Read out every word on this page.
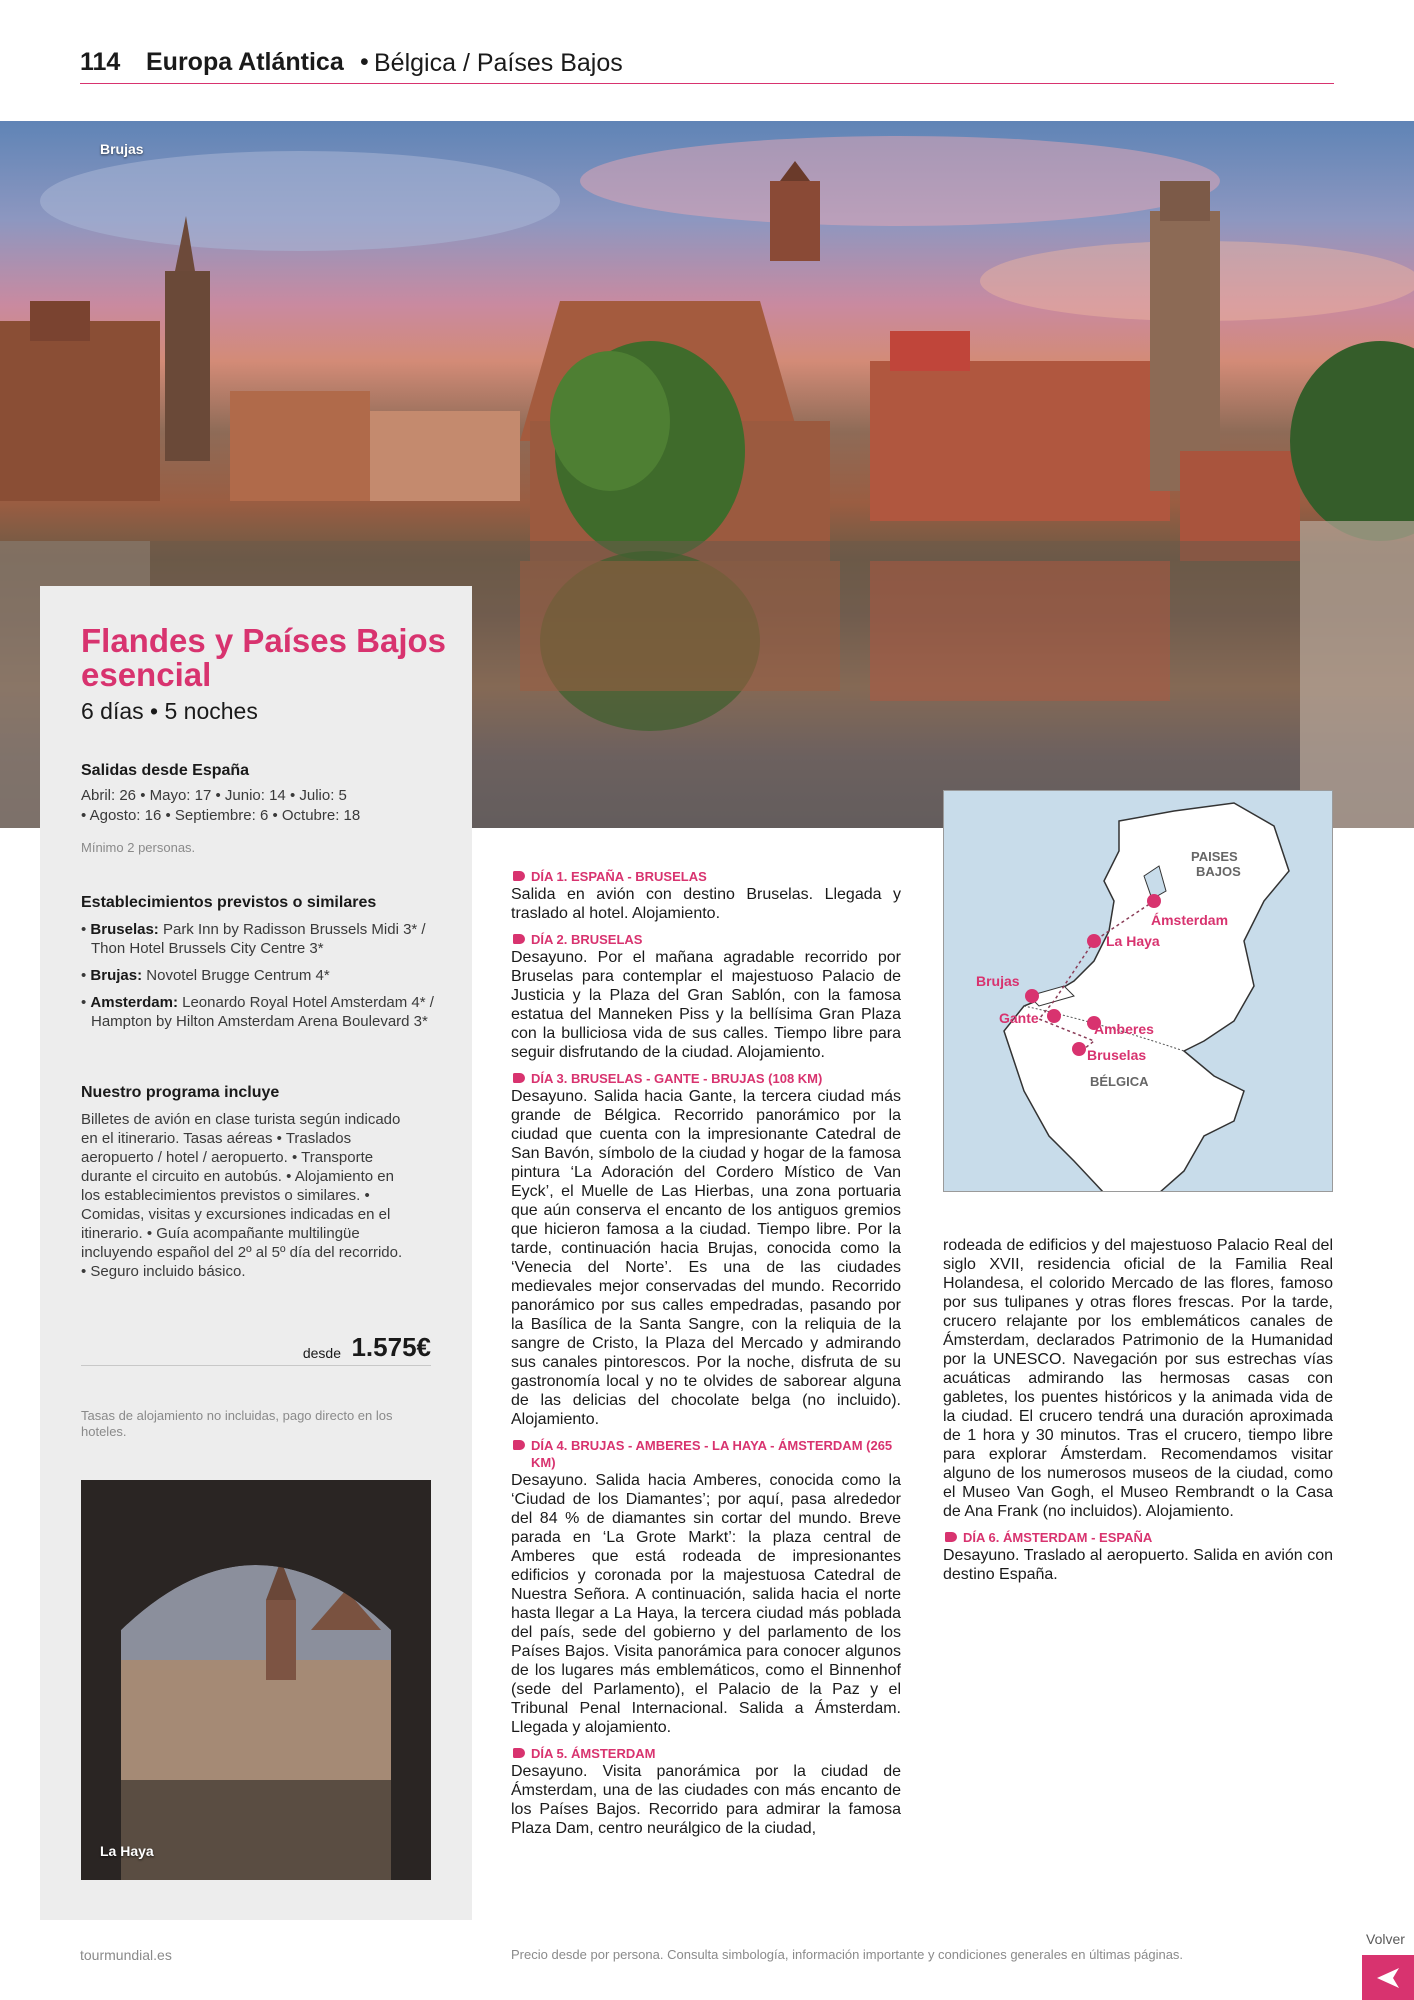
114 Europa Atlántica • Bélgica / Países Bajos
Brujas
Flandes y Países Bajos esencial
6 días • 5 noches
Salidas desde España
Abril: 26 • Mayo: 17 • Junio: 14 • Julio: 5
• Agosto: 16 • Septiembre: 6 • Octubre: 18
Mínimo 2 personas.
Establecimientos previstos o similares
• Bruselas: Park Inn by Radisson Brussels Midi 3* / Thon Hotel Brussels City Centre 3*
• Brujas: Novotel Brugge Centrum 4*
• Amsterdam: Leonardo Royal Hotel Amsterdam 4* / Hampton by Hilton Amsterdam Arena Boulevard 3*
Nuestro programa incluye
Billetes de avión en clase turista según indicado en el itinerario. Tasas aéreas • Traslados aeropuerto / hotel / aeropuerto. • Transporte durante el circuito en autobús. • Alojamiento en los establecimientos previstos o similares. • Comidas, visitas y excursiones indicadas en el itinerario. • Guía acompañante multilingüe incluyendo español del 2º al 5º día del recorrido. • Seguro incluido básico.
desde 1.575€
Tasas de alojamiento no incluidas, pago directo en los hoteles.
La Haya
DÍA 1. ESPAÑA - BRUSELAS
Salida en avión con destino Bruselas. Llegada y traslado al hotel. Alojamiento.
DÍA 2. BRUSELAS
Desayuno. Por el mañana agradable recorrido por Bruselas para contemplar el majestuoso Palacio de Justicia y la Plaza del Gran Sablón, con la famosa estatua del Manneken Piss y la bellísima Gran Plaza con la bulliciosa vida de sus calles. Tiempo libre para seguir disfrutando de la ciudad. Alojamiento.
DÍA 3. BRUSELAS - GANTE - BRUJAS (108 KM)
Desayuno. Salida hacia Gante, la tercera ciudad más grande de Bélgica. Recorrido panorámico por la ciudad que cuenta con la impresionante Catedral de San Bavón, símbolo de la ciudad y hogar de la famosa pintura ‘La Adoración del Cordero Místico de Van Eyck’, el Muelle de Las Hierbas, una zona portuaria que aún conserva el encanto de los antiguos gremios que hicieron famosa a la ciudad. Tiempo libre. Por la tarde, continuación hacia Brujas, conocida como la ‘Venecia del Norte’. Es una de las ciudades medievales mejor conservadas del mundo. Recorrido panorámico por sus calles empedradas, pasando por la Basílica de la Santa Sangre, con la reliquia de la sangre de Cristo, la Plaza del Mercado y admirando sus canales pintorescos. Por la noche, disfruta de su gastronomía local y no te olvides de saborear alguna de las delicias del chocolate belga (no incluido). Alojamiento.
DÍA 4. BRUJAS - AMBERES - LA HAYA - ÁMSTERDAM (265 KM)
Desayuno. Salida hacia Amberes, conocida como la ‘Ciudad de los Diamantes’; por aquí, pasa alrededor del 84 % de diamantes sin cortar del mundo. Breve parada en ‘La Grote Markt’: la plaza central de Amberes que está rodeada de impresionantes edificios y coronada por la majestuosa Catedral de Nuestra Señora. A continuación, salida hacia el norte hasta llegar a La Haya, la tercera ciudad más poblada del país, sede del gobierno y del parlamento de los Países Bajos. Visita panorámica para conocer algunos de los lugares más emblemáticos, como el Binnenhof (sede del Parlamento), el Palacio de la Paz y el Tribunal Penal Internacional. Salida a Ámsterdam. Llegada y alojamiento.
DÍA 5. ÁMSTERDAM
Desayuno. Visita panorámica por la ciudad de Ámsterdam, una de las ciudades con más encanto de los Países Bajos. Recorrido para admirar la famosa Plaza Dam, centro neurálgico de la ciudad,
PAISES
BAJOS
BÉLGICA
Ámsterdam
La Haya
Brujas
Gante
Amberes
Bruselas
rodeada de edificios y del majestuoso Palacio Real del siglo XVII, residencia oficial de la Familia Real Holandesa, el colorido Mercado de las flores, famoso por sus tulipanes y otras flores frescas. Por la tarde, crucero relajante por los emblemáticos canales de Ámsterdam, declarados Patrimonio de la Humanidad por la UNESCO. Navegación por sus estrechas vías acuáticas admirando las hermosas casas con gabletes, los puentes históricos y la animada vida de la ciudad. El crucero tendrá una duración aproximada de 1 hora y 30 minutos. Tras el crucero, tiempo libre para explorar Ámsterdam. Recomendamos visitar alguno de los numerosos museos de la ciudad, como el Museo Van Gogh, el Museo Rembrandt o la Casa de Ana Frank (no incluidos). Alojamiento.
DÍA 6. ÁMSTERDAM - ESPAÑA
Desayuno. Traslado al aeropuerto. Salida en avión con destino España.
tourmundial.es	Precio desde por persona. Consulta simbología, información importante y condiciones generales en últimas páginas.
Volver
